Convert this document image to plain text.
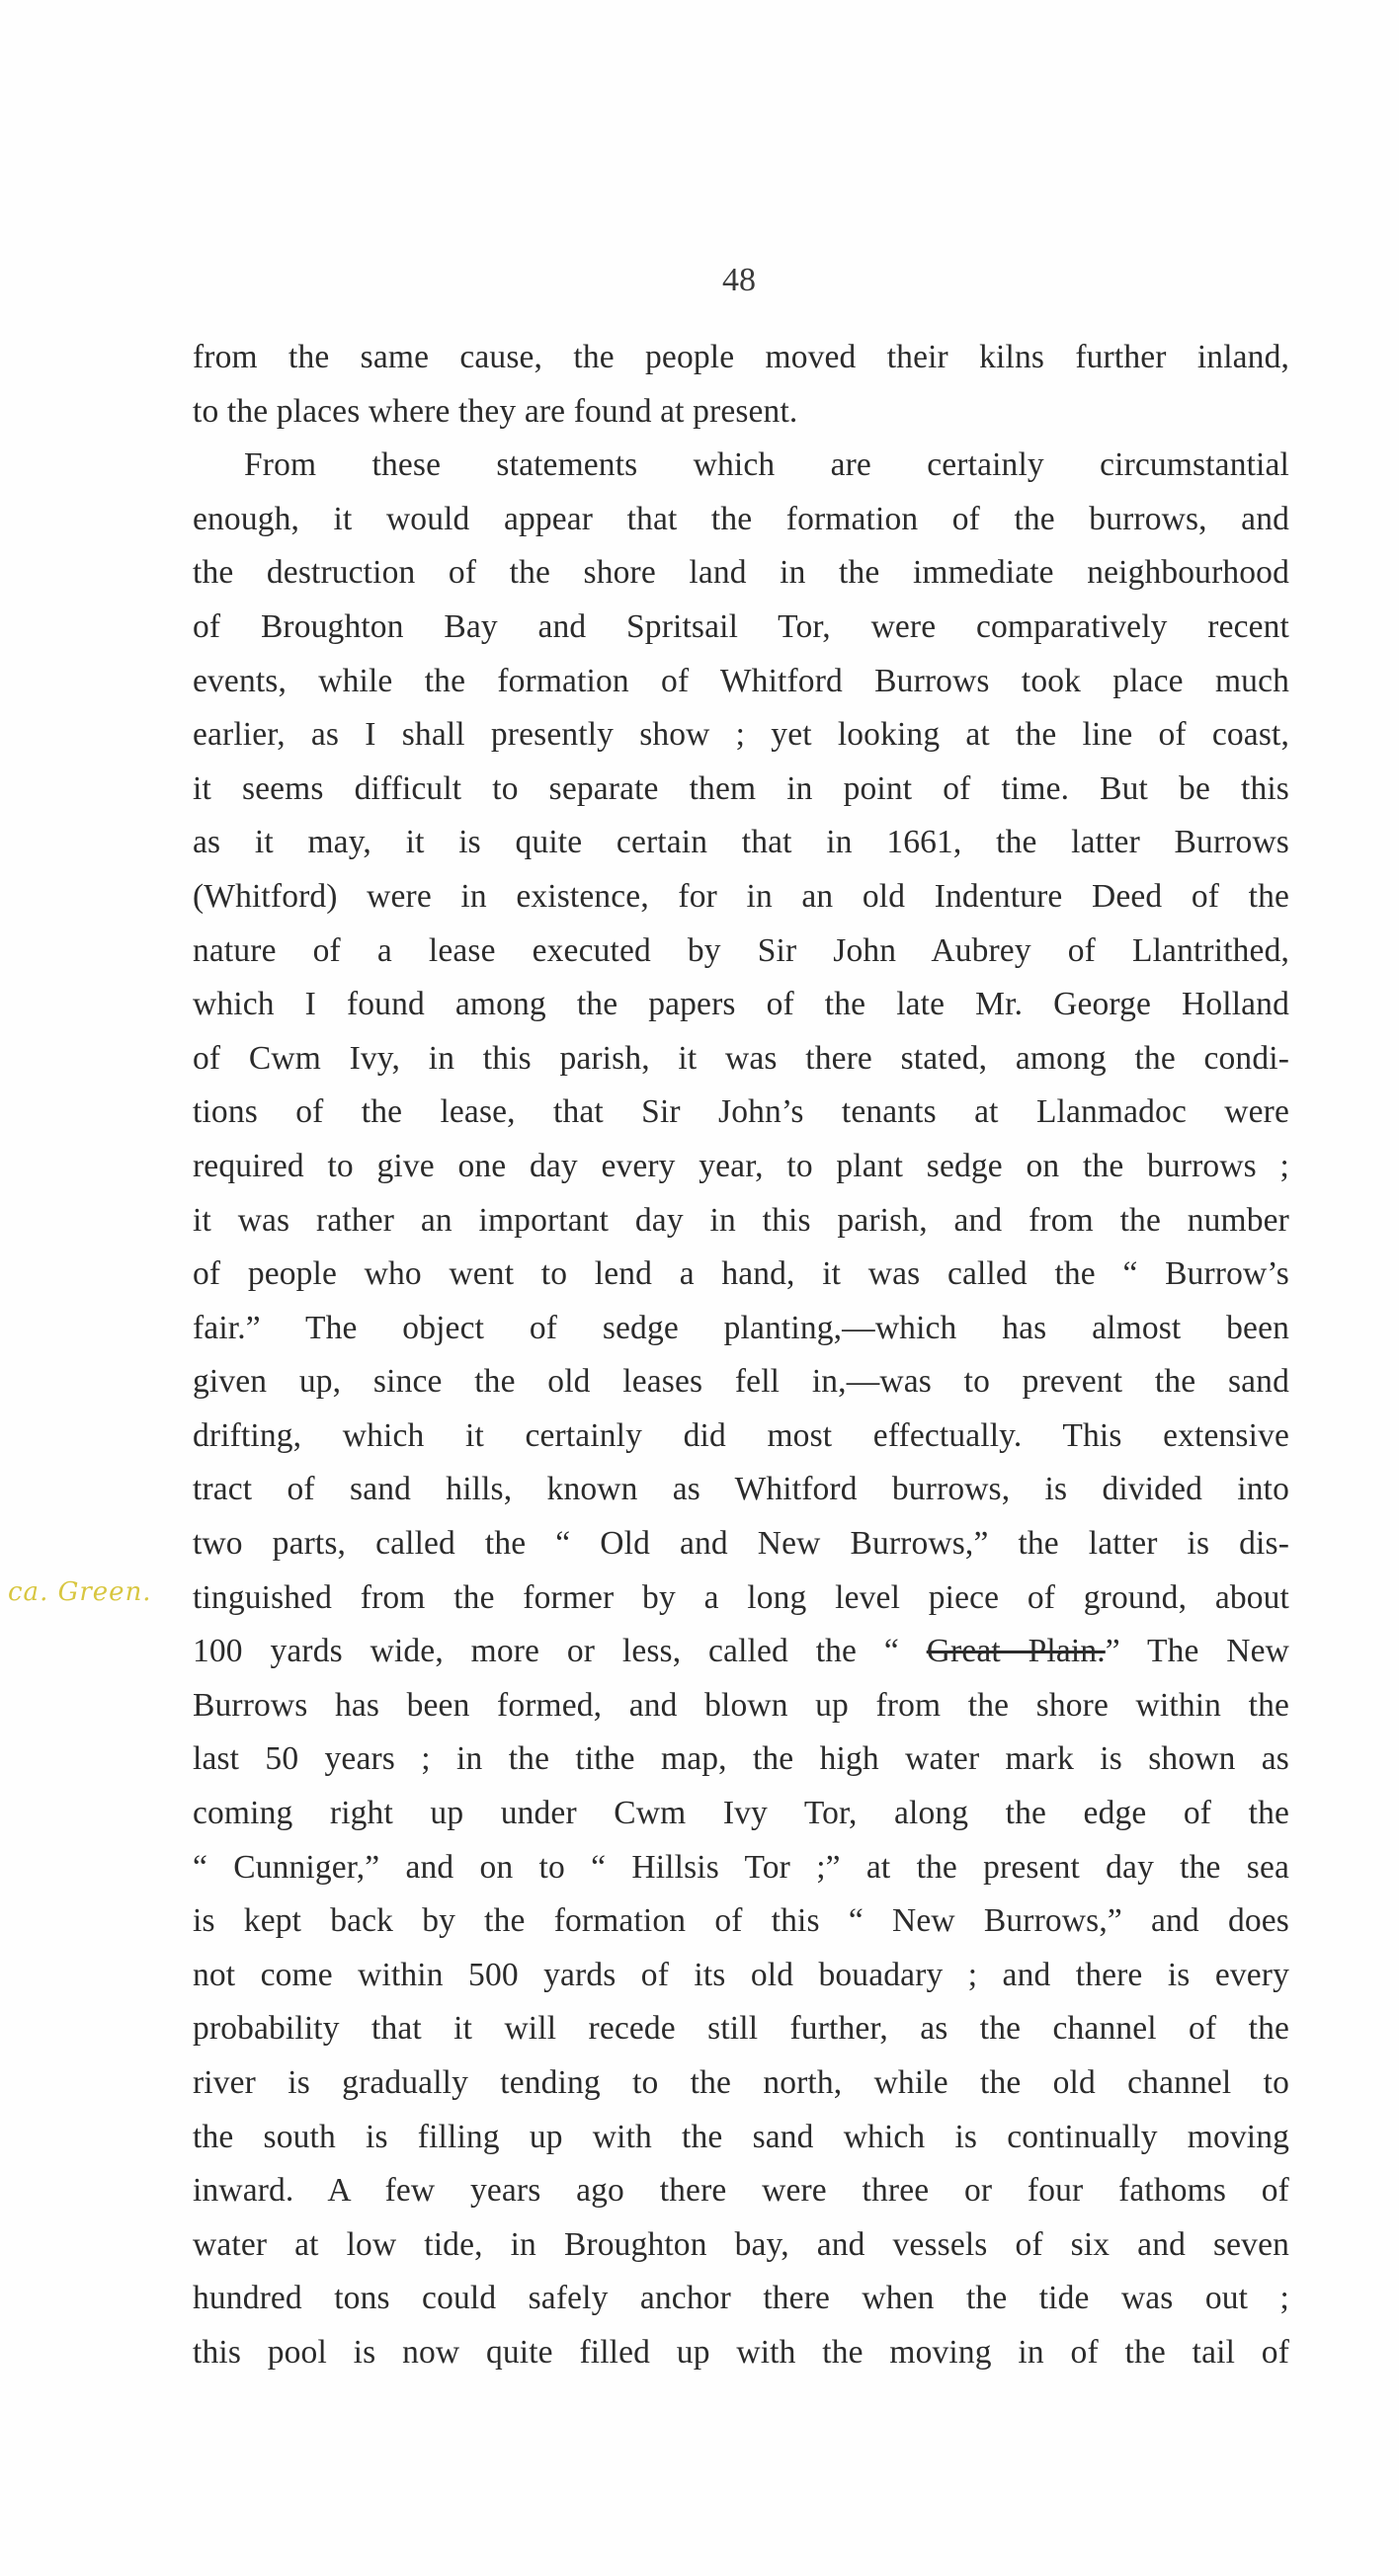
48
ca. Green.
from the same cause, the people moved their kilns further inland,
to the places where they are found at present.
From these statements which are certainly circumstantial
enough, it would appear that the formation of the burrows, and
the destruction of the shore land in the immediate neighbourhood
of Broughton Bay and Spritsail Tor, were comparatively recent
events, while the formation of Whitford Burrows took place much
earlier, as I shall presently show ; yet looking at the line of coast,
it seems difficult to separate them in point of time. But be this
as it may, it is quite certain that in 1661, the latter Burrows
(Whitford) were in existence, for in an old Indenture Deed of the
nature of a lease executed by Sir John Aubrey of Llantrithed,
which I found among the papers of the late Mr. George Holland
of Cwm Ivy, in this parish, it was there stated, among the condi-
tions of the lease, that Sir John’s tenants at Llanmadoc were
required to give one day every year, to plant sedge on the burrows ;
it was rather an important day in this parish, and from the number
of people who went to lend a hand, it was called the “ Burrow’s
fair.” The object of sedge planting,—which has almost been
given up, since the old leases fell in,—was to prevent the sand
drifting, which it certainly did most effectually. This extensive
tract of sand hills, known as Whitford burrows, is divided into
two parts, called the “ Old and New Burrows,” the latter is dis-
tinguished from the former by a long level piece of ground, about
100 yards wide, more or less, called the “ Great Plain.” The New
Burrows has been formed, and blown up from the shore within the
last 50 years ; in the tithe map, the high water mark is shown as
coming right up under Cwm Ivy Tor, along the edge of the
“ Cunniger,” and on to “ Hillsis Tor ;” at the present day the sea
is kept back by the formation of this “ New Burrows,” and does
not come within 500 yards of its old bouadary ; and there is every
probability that it will recede still further, as the channel of the
river is gradually tending to the north, while the old channel to
the south is filling up with the sand which is continually moving
inward. A few years ago there were three or four fathoms of
water at low tide, in Broughton bay, and vessels of six and seven
hundred tons could safely anchor there when the tide was out ;
this pool is now quite filled up with the moving in of the tail of
